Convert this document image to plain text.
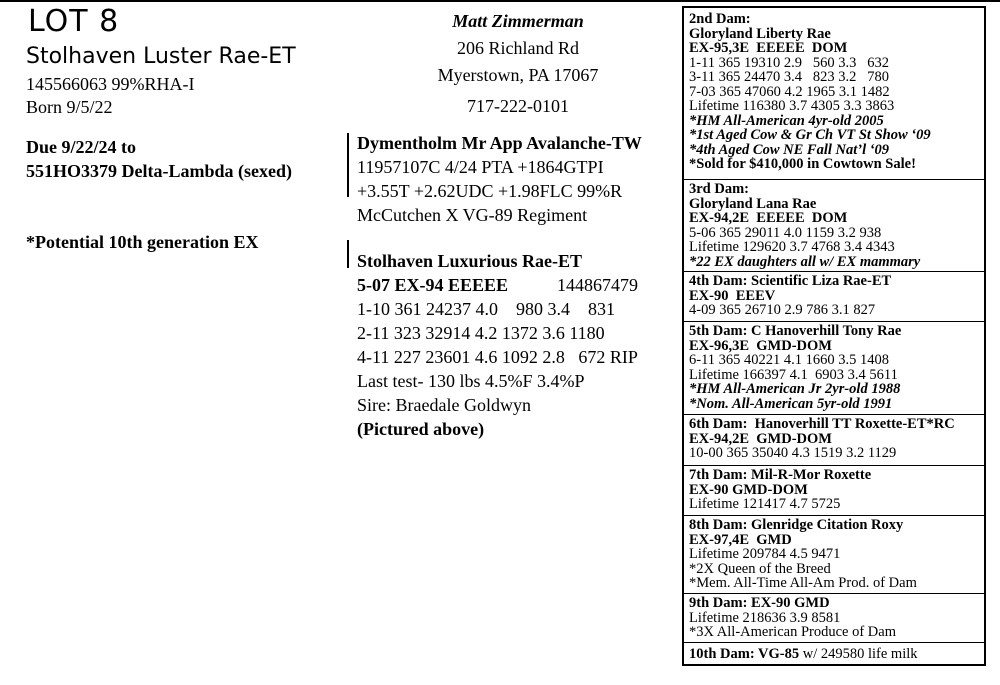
LOT 8
Stolhaven Luster Rae-ET
145566063 99%RHA-I
Born 9/5/22
Due 9/22/24 to
551HO3379 Delta-Lambda (sexed)
*Potential 10th generation EX
Matt Zimmerman
206 Richland Rd
Myerstown, PA 17067
717-222-0101
Dymentholm Mr App Avalanche-TW
11957107C 4/24 PTA +1864GTPI
+3.55T +2.62UDC +1.98FLC 99%R
McCutchen X VG-89 Regiment
Stolhaven Luxurious Rae-ET
5-07 EX-94 EEEEE	144867479
1-10 361 24237 4.0    980 3.4    831
2-11 323 32914 4.2 1372 3.6 1180
4-11 227 23601 4.6 1092 2.8   672 RIP
Last test- 130 lbs 4.5%F 3.4%P
Sire: Braedale Goldwyn
(Pictured above)
2nd Dam:
Gloryland Liberty Rae
EX-95,3E  EEEEE  DOM
1-11 365 19310 2.9   560 3.3   632
3-11 365 24470 3.4   823 3.2   780
7-03 365 47060 4.2 1965 3.1 1482
Lifetime 116380 3.7 4305 3.3 3863
*HM All-American 4yr-old 2005
*1st Aged Cow & Gr Ch VT St Show ‘09
*4th Aged Cow NE Fall Nat’l ‘09
*Sold for $410,000 in Cowtown Sale!
3rd Dam:
Gloryland Lana Rae
EX-94,2E  EEEEE  DOM
5-06 365 29011 4.0 1159 3.2 938
Lifetime 129620 3.7 4768 3.4 4343
*22 EX daughters all w/ EX mammary
4th Dam: Scientific Liza Rae-ET
EX-90  EEEV
4-09 365 26710 2.9 786 3.1 827
5th Dam: C Hanoverhill Tony Rae
EX-96,3E  GMD-DOM
6-11 365 40221 4.1 1660 3.5 1408
Lifetime 166397 4.1  6903 3.4 5611
*HM All-American Jr 2yr-old 1988
*Nom. All-American 5yr-old 1991
6th Dam:  Hanoverhill TT Roxette-ET*RC
EX-94,2E  GMD-DOM
10-00 365 35040 4.3 1519 3.2 1129
7th Dam: Mil-R-Mor Roxette
EX-90 GMD-DOM
Lifetime 121417 4.7 5725
8th Dam: Glenridge Citation Roxy
EX-97,4E  GMD
Lifetime 209784 4.5 9471
*2X Queen of the Breed
*Mem. All-Time All-Am Prod. of Dam
9th Dam: EX-90 GMD
Lifetime 218636 3.9 8581
*3X All-American Produce of Dam
10th Dam: VG-85 w/ 249580 life milk
